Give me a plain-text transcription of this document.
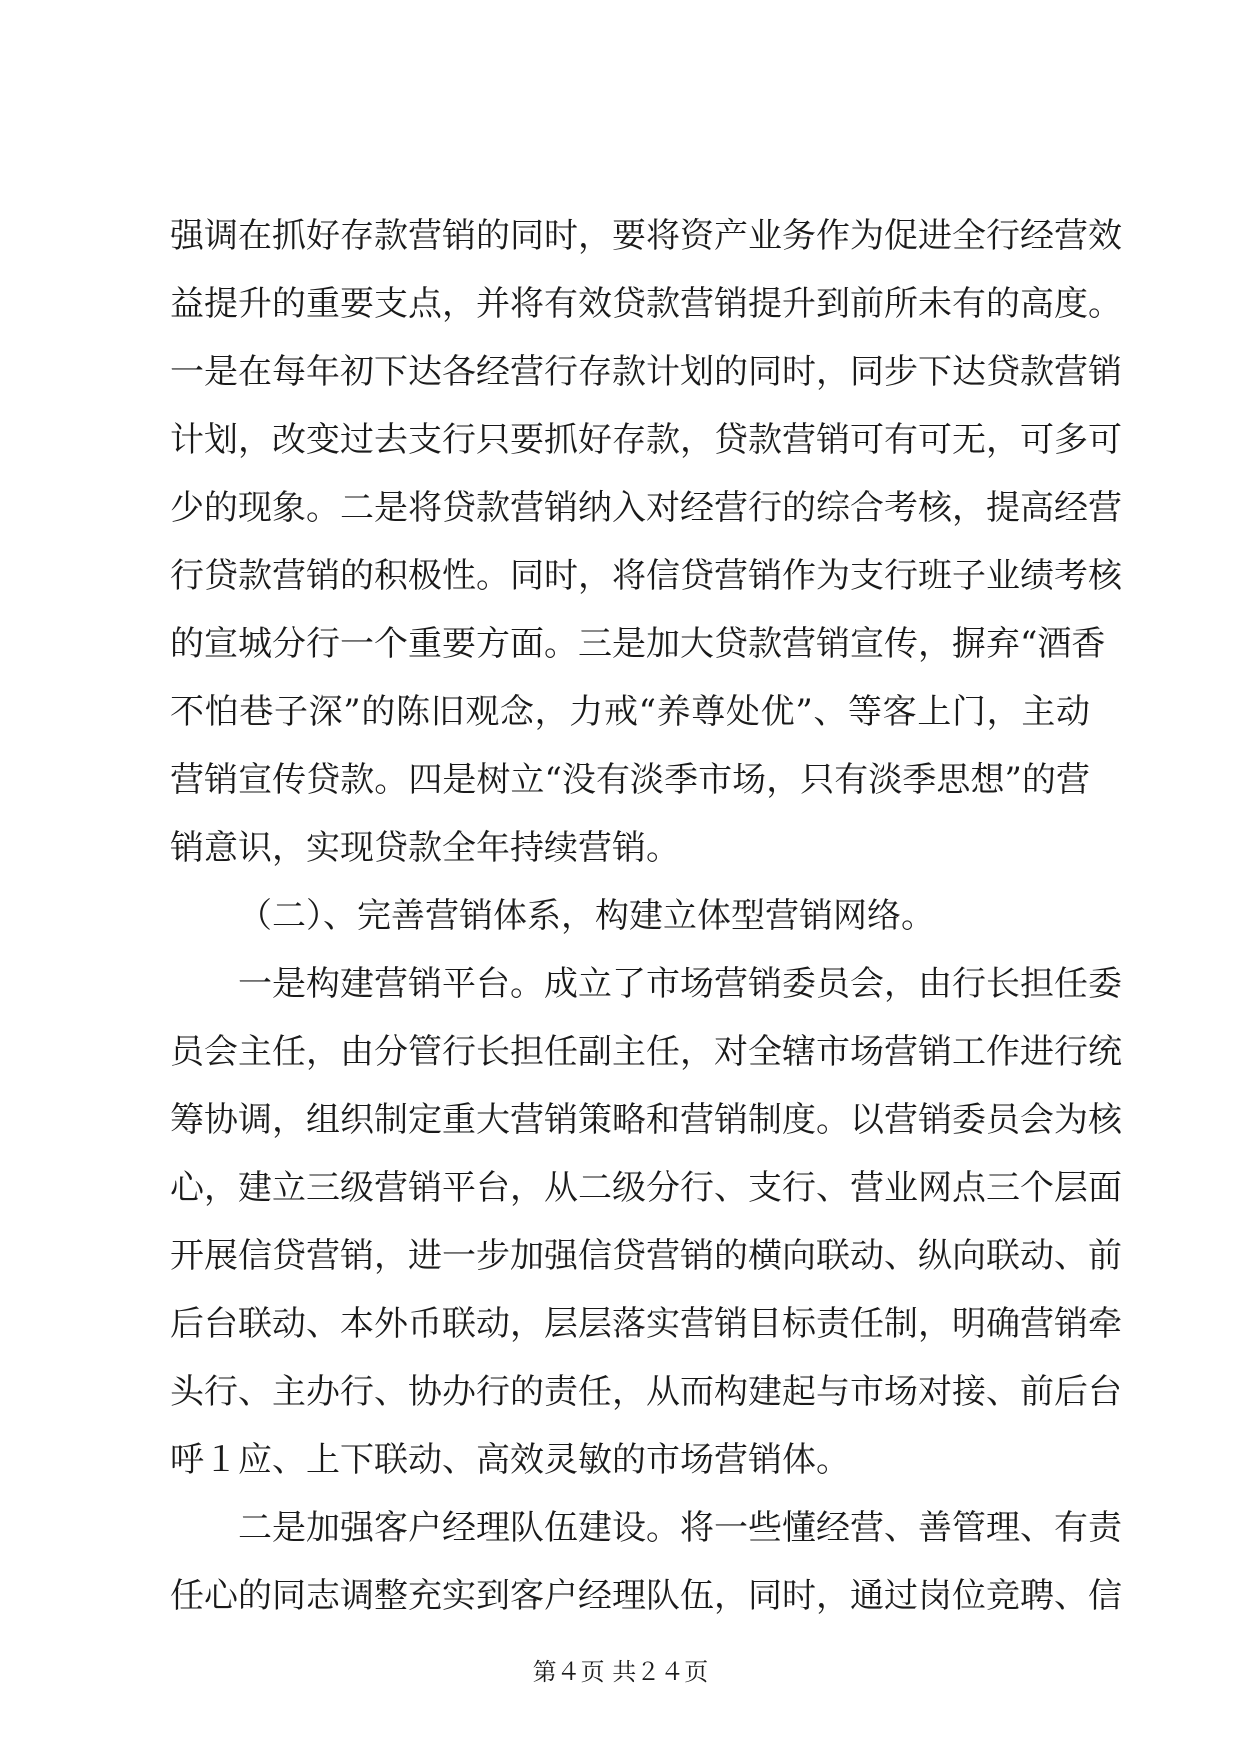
强调在抓好存款营销的同时，要将资产业务作为促进全行经营效
益提升的重要支点，并将有效贷款营销提升到前所未有的高度。
一是在每年初下达各经营行存款计划的同时，同步下达贷款营销
计划，改变过去支行只要抓好存款，贷款营销可有可无，可多可
少的现象。二是将贷款营销纳入对经营行的综合考核，提高经营
行贷款营销的积极性。同时，将信贷营销作为支行班子业绩考核
的宣城分行一个重要方面。三是加大贷款营销宣传，摒弃“酒香
不怕巷子深”的陈旧观念，力戒“养尊处优”、等客上门，主动
营销宣传贷款。四是树立“没有淡季市场，只有淡季思想”的营
销意识，实现贷款全年持续营销。
（二）、完善营销体系，构建立体型营销网络。
一是构建营销平台。成立了市场营销委员会，由行长担任委
员会主任，由分管行长担任副主任，对全辖市场营销工作进行统
筹协调，组织制定重大营销策略和营销制度。以营销委员会为核
心，建立三级营销平台，从二级分行、支行、营业网点三个层面
开展信贷营销，进一步加强信贷营销的横向联动、纵向联动、前
后台联动、本外币联动，层层落实营销目标责任制，明确营销牵
头行、主办行、协办行的责任，从而构建起与市场对接、前后台
呼１应、上下联动、高效灵敏的市场营销体。
二是加强客户经理队伍建设。将一些懂经营、善管理、有责
任心的同志调整充实到客户经理队伍，同时，通过岗位竞聘、信
第４页 共２４页
